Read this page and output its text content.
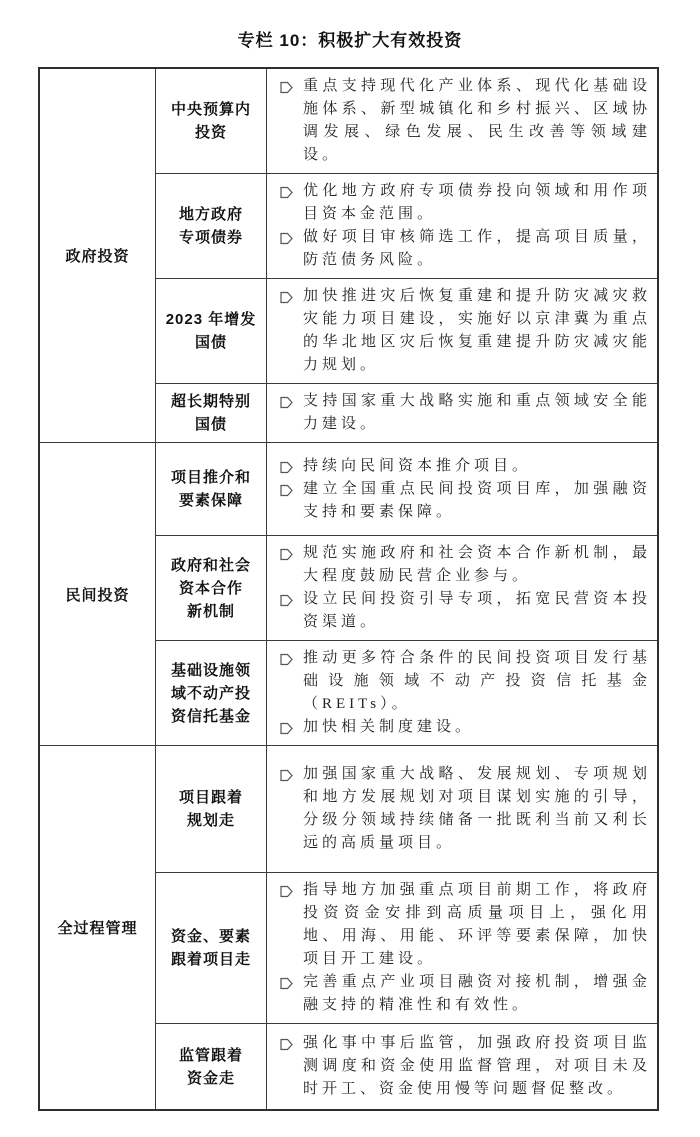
专栏 10：积极扩大有效投资
政府投资
中央预算内
投资

重点支持现代化产业体系、现代化基础设施体系、新型城镇化和乡村振兴、区域协调发展、绿色发展、民生改善等领域建设。

地方政府
专项债券

优化地方政府专项债券投向领域和用作项目资本金范围。

做好项目审核筛选工作，提高项目质量，防范债务风险。

2023 年增发
国债

加快推进灾后恢复重建和提升防灾减灾救灾能力项目建设，实施好以京津冀为重点的华北地区灾后恢复重建提升防灾减灾能力规划。

超长期特别
国债

支持国家重大战略实施和重点领域安全能力建设。

民间投资
项目推介和
要素保障

持续向民间资本推介项目。

建立全国重点民间投资项目库，加强融资支持和要素保障。

政府和社会
资本合作
新机制

规范实施政府和社会资本合作新机制，最大程度鼓励民营企业参与。

设立民间投资引导专项，拓宽民营资本投资渠道。

基础设施领
域不动产投
资信托基金

推动更多符合条件的民间投资项目发行基础设施领域不动产投资信托基金（REITs）。

加快相关制度建设。

全过程管理
项目跟着
规划走

加强国家重大战略、发展规划、专项规划和地方发展规划对项目谋划实施的引导，分级分领域持续储备一批既利当前又利长远的高质量项目。

资金、要素
跟着项目走

指导地方加强重点项目前期工作，将政府投资资金安排到高质量项目上，强化用地、用海、用能、环评等要素保障，加快项目开工建设。

完善重点产业项目融资对接机制，增强金融支持的精准性和有效性。

监管跟着
资金走

强化事中事后监管，加强政府投资项目监测调度和资金使用监督管理，对项目未及时开工、资金使用慢等问题督促整改。
